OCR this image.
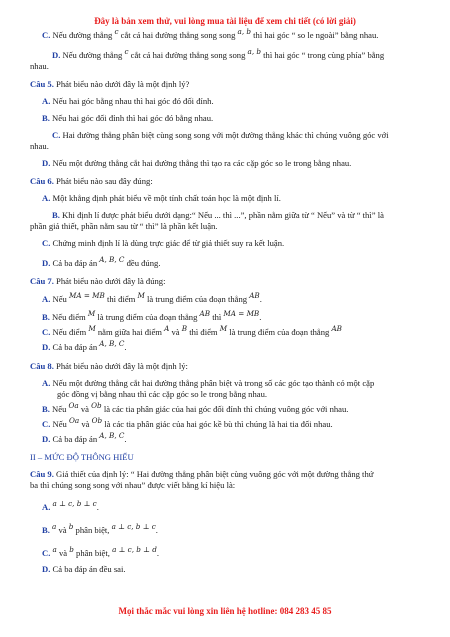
Đây là bản xem thử, vui lòng mua tài liệu để xem chi tiết (có lời giải)

C. Nếu đường thẳng $^c$ cắt cả hai đường thẳng song song $^{a, b}$ thì hai góc “ so le ngoài” bằng nhau.

D. Nếu đường thẳng $^c$ cắt cả hai đường thẳng song song $^{a, b}$ thì hai góc “ trong cùng phía” bằng

nhau.

Câu 5. Phát biểu nào dưới đây là một định lý?

A. Nếu hai góc bằng nhau thì hai góc đó đối đỉnh.

B. Nếu hai góc đối đỉnh thì hai góc đó bằng nhau.

C. Hai đường thẳng phân biệt cùng song song với một đường thẳng khác thì chúng vuông góc với

nhau.

D. Nếu một đường thẳng cắt hai đường thẳng thì tạo ra các cặp góc so le trong bằng nhau.

Câu 6. Phát biểu nào sau đây đúng:

A. Một khẳng định phát biểu về một tính chất toán học là một định lí.

B. Khi định lí được phát biểu dưới dạng:“ Nếu ... thì ...”, phần nằm giữa từ “ Nếu” và từ “ thì” là

phần giả thiết, phần nằm sau từ “ thì” là phần kết luận.

C. Chứng minh định lí là dùng trực giác để từ giả thiết suy ra kết luận.

D. Cả ba đáp án $^{A, B, C}$ đều đúng.

Câu 7. Phát biểu nào dưới đây là đúng:

A. Nếu $^{MA = MB}$ thì điểm $^M$ là trung điểm của đoạn thẳng $^{AB}$.

B. Nếu điểm $^M$ là trung điểm của đoạn thẳng $^{AB}$ thì $^{MA = MB}$.

C. Nếu điểm $^M$ nằm giữa hai điểm $^A$ và $^B$ thì điểm $^M$ là trung điểm của đoạn thẳng $^{AB}$

D. Cả ba đáp án $^{A, B, C}$.

Câu 8. Phát biểu nào dưới đây là một định lý:

A. Nếu một đường thẳng cắt hai đường thẳng phân biệt và trong số các góc tạo thành có một cặp

góc đồng vị bằng nhau thì các cặp góc so le trong bằng nhau.

B. Nếu $^{Oa}$ và $^{Ob}$ là các tia phân giác của hai góc đối đỉnh thì chúng vuông góc với nhau.

C. Nếu $^{Oa}$ và $^{Ob}$ là các tia phân giác của hai góc kề bù thì chúng là hai tia đối nhau.

D. Cả ba đáp án $^{A, B, C}$.

II – MỨC ĐỘ THÔNG HIỂU

Câu 9. Giả thiết của định lý: “ Hai đường thẳng phân biệt cùng vuông góc với một đường thẳng thứ

ba thì chúng song song với nhau” được viết bằng kí hiệu là:

A. $^{a \perp c, b \perp c}$.

B. $^a$ và $^b$ phân biệt, $^{a \perp c, b \perp c}$.

C. $^a$ và $^b$ phân biệt, $^{a \perp c, b \perp d}$.

D. Cả ba đáp án đều sai.

Mọi thắc mắc vui lòng xin liên hệ hotline: 084 283 45 85
